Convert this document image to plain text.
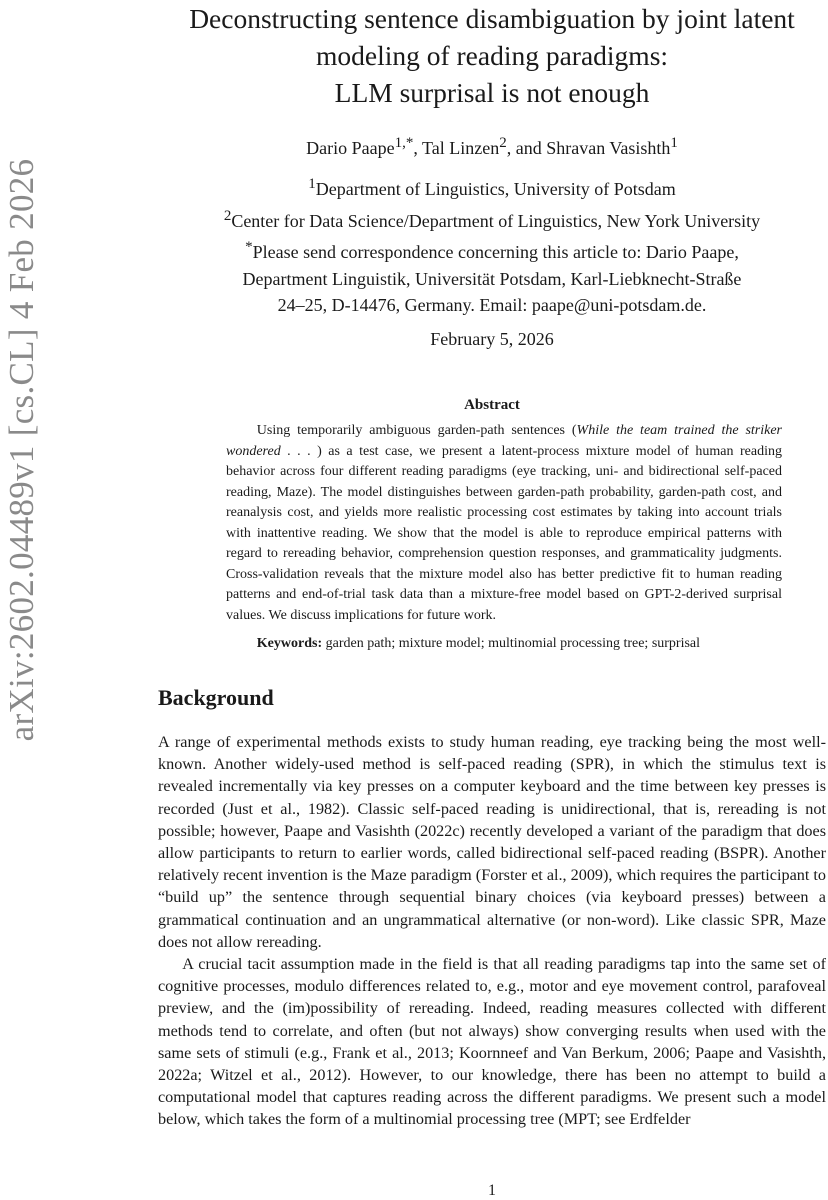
arXiv:2602.04489v1 [cs.CL] 4 Feb 2026
Deconstructing sentence disambiguation by joint latent
modeling of reading paradigms:
LLM surprisal is not enough
Dario Paape$^{1,*}$, Tal Linzen$^2$, and Shravan Vasishth$^1$
$^1$Department of Linguistics, University of Potsdam
$^2$Center for Data Science/Department of Linguistics, New York University
*Please send correspondence concerning this article to: Dario Paape,
Department Linguistik, Universität Potsdam, Karl-Liebknecht-Straße
24–25, D-14476, Germany. Email: paape@uni-potsdam.de.
February 5, 2026
Abstract
Using temporarily ambiguous garden-path sentences (While the team trained the striker wondered . . . ) as a test case, we present a latent-process mixture model of human reading behavior across four different reading paradigms (eye tracking, uni- and bidirectional self-paced reading, Maze). The model distinguishes between garden-path probability, garden-path cost, and reanalysis cost, and yields more realistic processing cost estimates by taking into account trials with inattentive reading. We show that the model is able to reproduce empirical patterns with regard to rereading behavior, comprehension question responses, and grammaticality judgments. Cross-validation reveals that the mixture model also has better predictive fit to human reading patterns and end-of-trial task data than a mixture-free model based on GPT-2-derived surprisal values. We discuss implications for future work.
Keywords: garden path; mixture model; multinomial processing tree; surprisal
Background

A range of experimental methods exists to study human reading, eye tracking being the most well-known. Another widely-used method is self-paced reading (SPR), in which the stimulus text is revealed incrementally via key presses on a computer keyboard and the time between key presses is recorded (Just et al., 1982). Classic self-paced reading is unidirectional, that is, rereading is not possible; however, Paape and Vasishth (2022c) recently developed a variant of the paradigm that does allow participants to return to earlier words, called bidirectional self-paced reading (BSPR). Another relatively recent invention is the Maze paradigm (Forster et al., 2009), which requires the participant to “build up” the sentence through sequential binary choices (via keyboard presses) between a grammatical continuation and an ungrammatical alternative (or non-word). Like classic SPR, Maze does not allow rereading.

A crucial tacit assumption made in the field is that all reading paradigms tap into the same set of cognitive processes, modulo differences related to, e.g., motor and eye movement control, parafoveal preview, and the (im)possibility of rereading. Indeed, reading measures collected with different methods tend to correlate, and often (but not always) show converging results when used with the same sets of stimuli (e.g., Frank et al., 2013; Koornneef and Van Berkum, 2006; Paape and Vasishth, 2022a; Witzel et al., 2012). However, to our knowledge, there has been no attempt to build a computational model that captures reading across the different paradigms. We present such a model below, which takes the form of a multinomial processing tree (MPT; see Erdfelder

1
